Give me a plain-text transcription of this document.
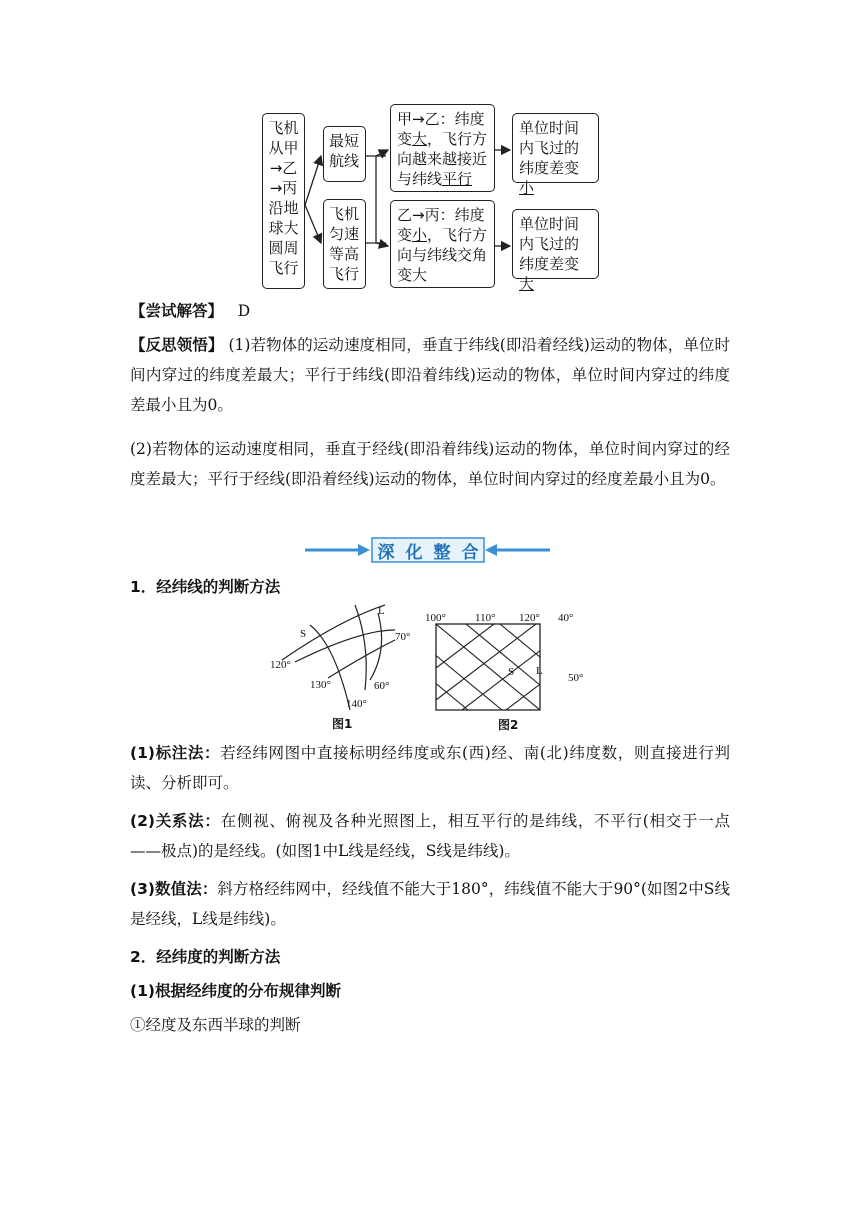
飞机从甲→乙→丙沿地球大圆周飞行
最短航线
飞机匀速等高飞行
甲→乙：纬度变大，飞行方向越来越接近与纬线平行
乙→丙：纬度变小，飞行方向与纬线交角变大
单位时间内飞过的纬度差变小
单位时间内飞过的纬度差变大
【尝试解答】 D
【反思领悟】 (1)若物体的运动速度相同，垂直于纬线(即沿着经线)运动的物体，单位时间内穿过的纬度差最大；平行于纬线(即沿着纬线)运动的物体，单位时间内穿过的纬度差最小且为0。
(2)若物体的运动速度相同，垂直于经线(即沿着纬线)运动的物体，单位时间内穿过的经度差最大；平行于经线(即沿着经线)运动的物体，单位时间内穿过的经度差最小且为0。
深 化 整 合
1．经纬线的判断方法
L
S	70°
120°
130°	60°
140°
图1
100°	110° 120° 40°
S L
50°
图2
(1)标注法：若经纬网图中直接标明经纬度或东(西)经、南(北)纬度数，则直接进行判读、分析即可。
(2)关系法：在侧视、俯视及各种光照图上，相互平行的是纬线，不平行(相交于一点——极点)的是经线。(如图1中L线是经线，S线是纬线)。
(3)数值法：斜方格经纬网中，经线值不能大于180°，纬线值不能大于90°(如图2中S线是经线，L线是纬线)。
2．经纬度的判断方法
(1)根据经纬度的分布规律判断
①经度及东西半球的判断
